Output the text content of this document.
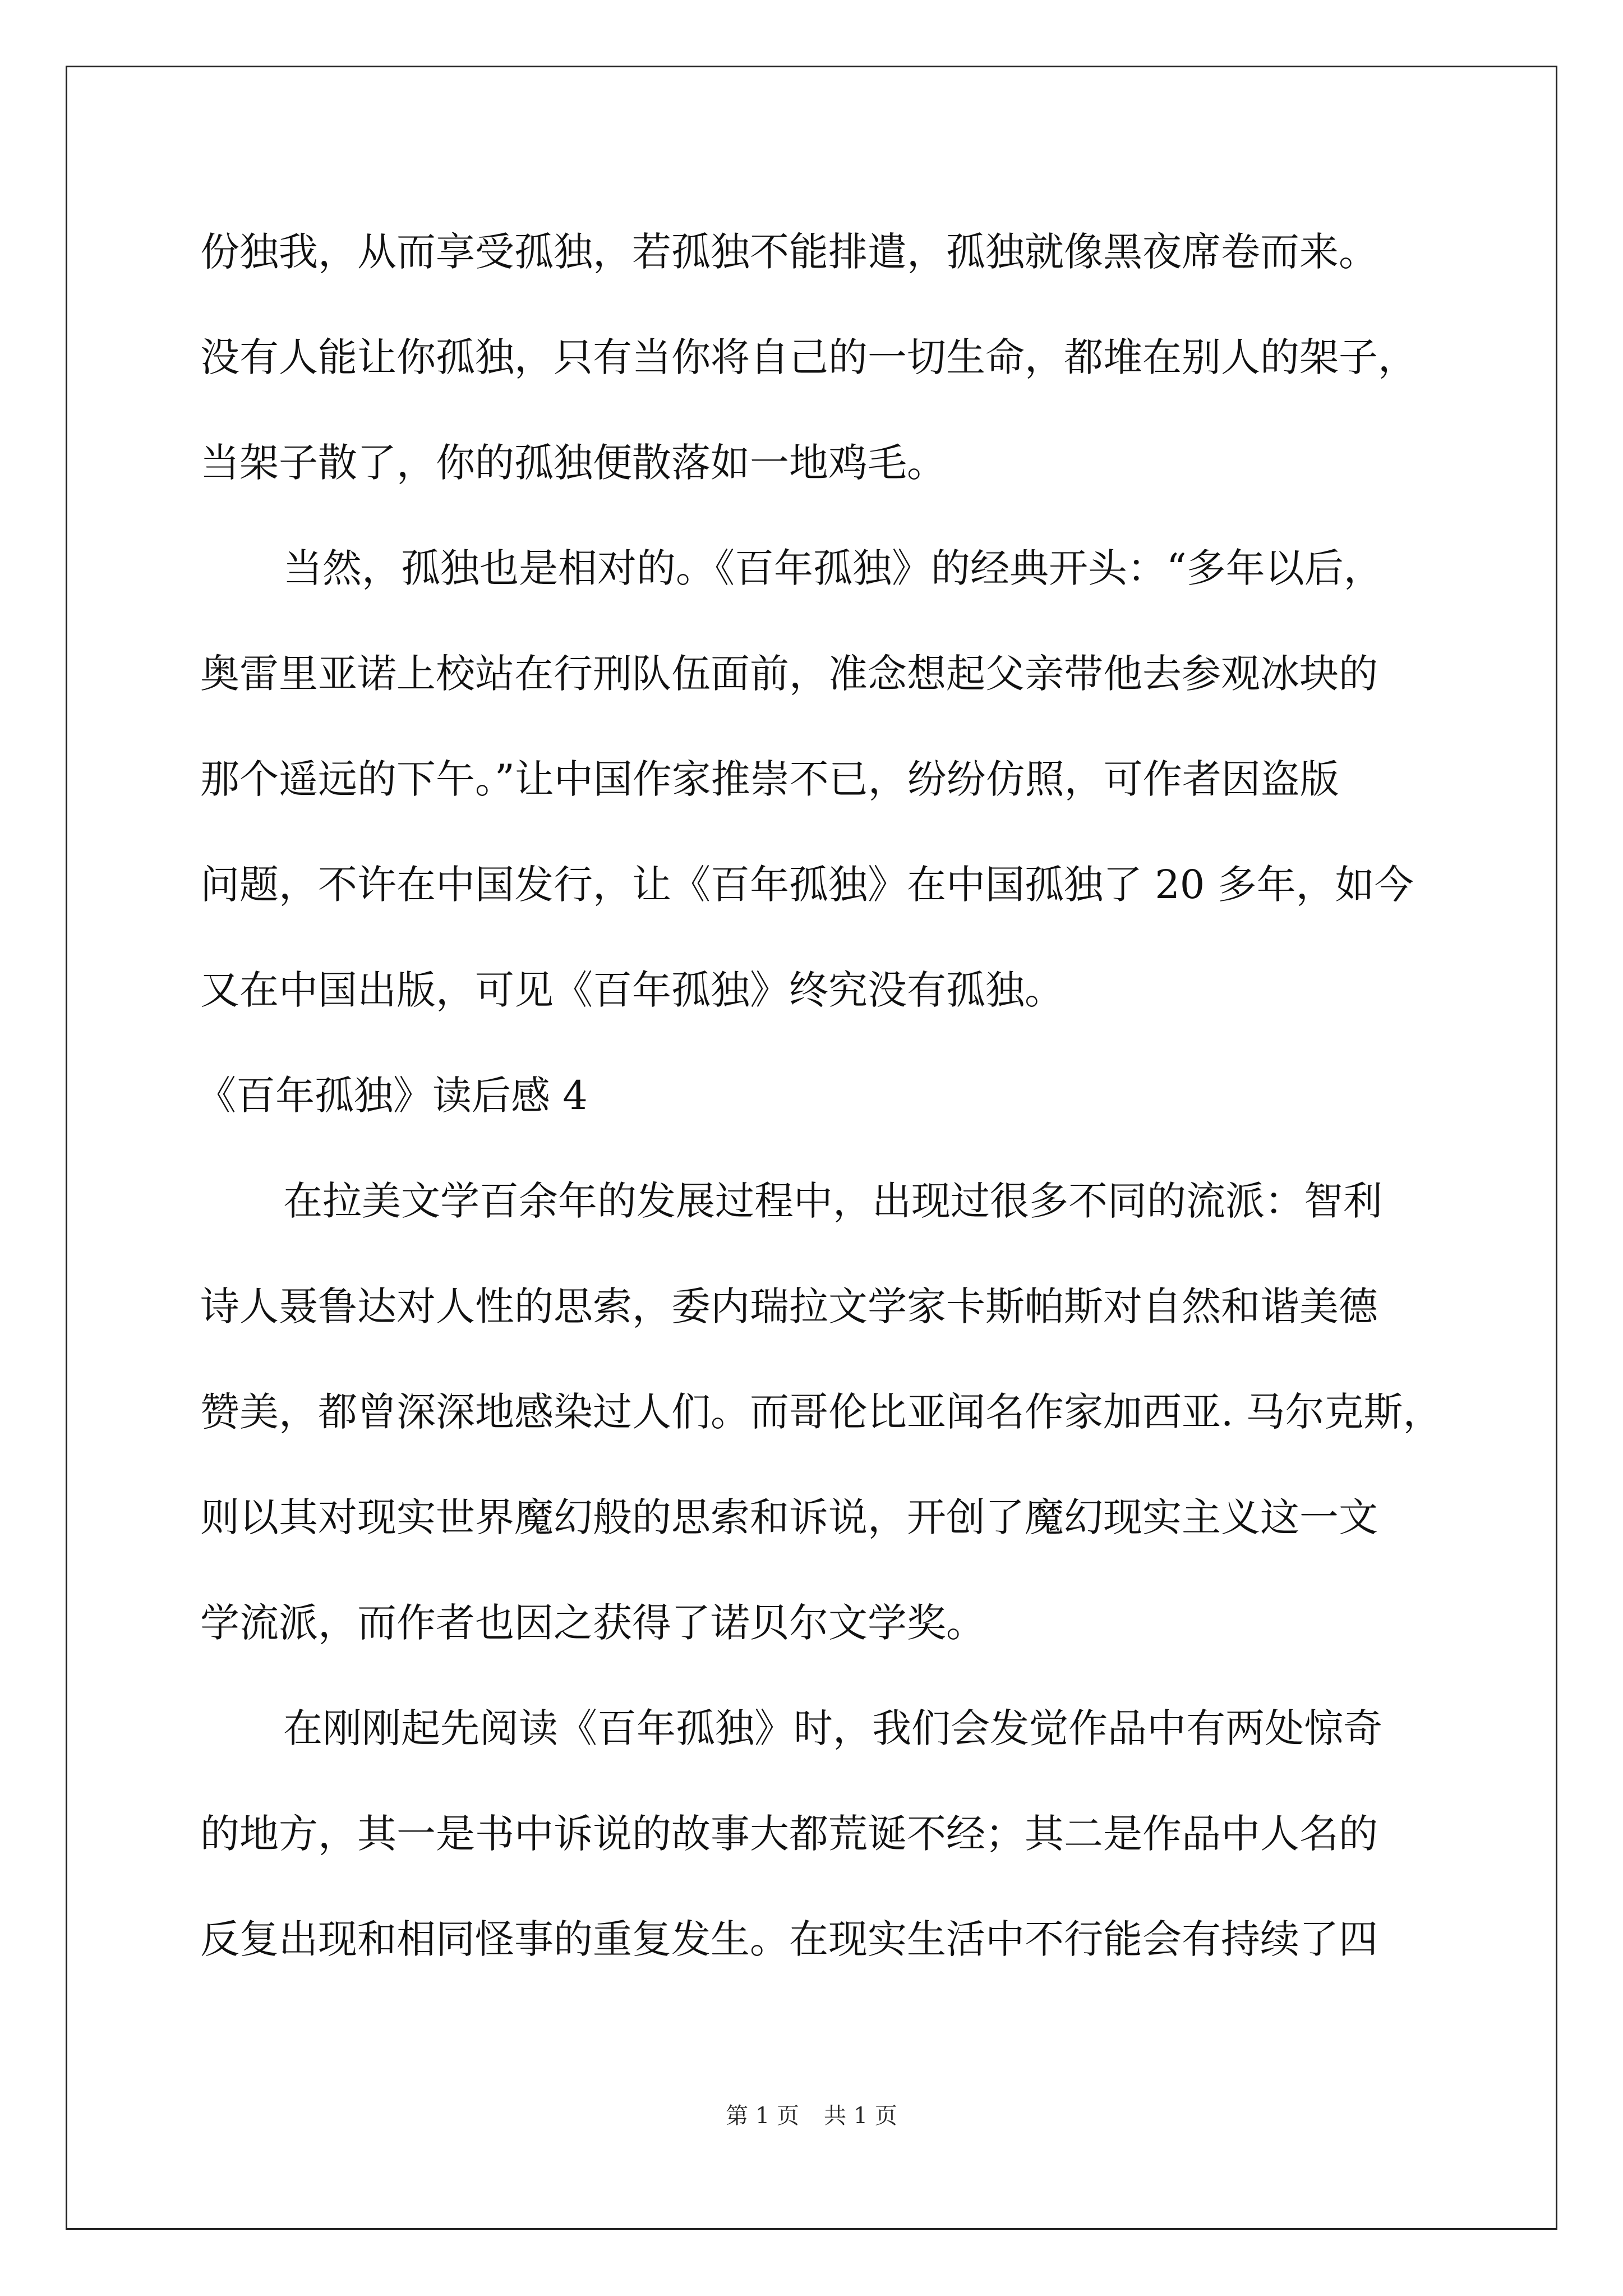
份独我，从而享受孤独，若孤独不能排遣，孤独就像黑夜席卷而来。

没有人能让你孤独，只有当你将自己的一切生命，都堆在别人的架子，

当架子散了，你的孤独便散落如一地鸡毛。

当然，孤独也是相对的。《百年孤独》的经典开头：“多年以后，

奥雷里亚诺上校站在行刑队伍面前，准念想起父亲带他去参观冰块的

那个遥远的下午。”让中国作家推崇不已，纷纷仿照，可作者因盗版

问题，不许在中国发行，让《百年孤独》在中国孤独了 20 多年，如今

又在中国出版，可见《百年孤独》终究没有孤独。

《百年孤独》读后感 4

在拉美文学百余年的发展过程中，出现过很多不同的流派：智利

诗人聂鲁达对人性的思索，委内瑞拉文学家卡斯帕斯对自然和谐美德

赞美，都曾深深地感染过人们。而哥伦比亚闻名作家加西亚. 马尔克斯，

则以其对现实世界魔幻般的思索和诉说，开创了魔幻现实主义这一文

学流派，而作者也因之获得了诺贝尔文学奖。

在刚刚起先阅读《百年孤独》时，我们会发觉作品中有两处惊奇

的地方，其一是书中诉说的故事大都荒诞不经；其二是作品中人名的

反复出现和相同怪事的重复发生。在现实生活中不行能会有持续了四

第 1 页 共 1 页
